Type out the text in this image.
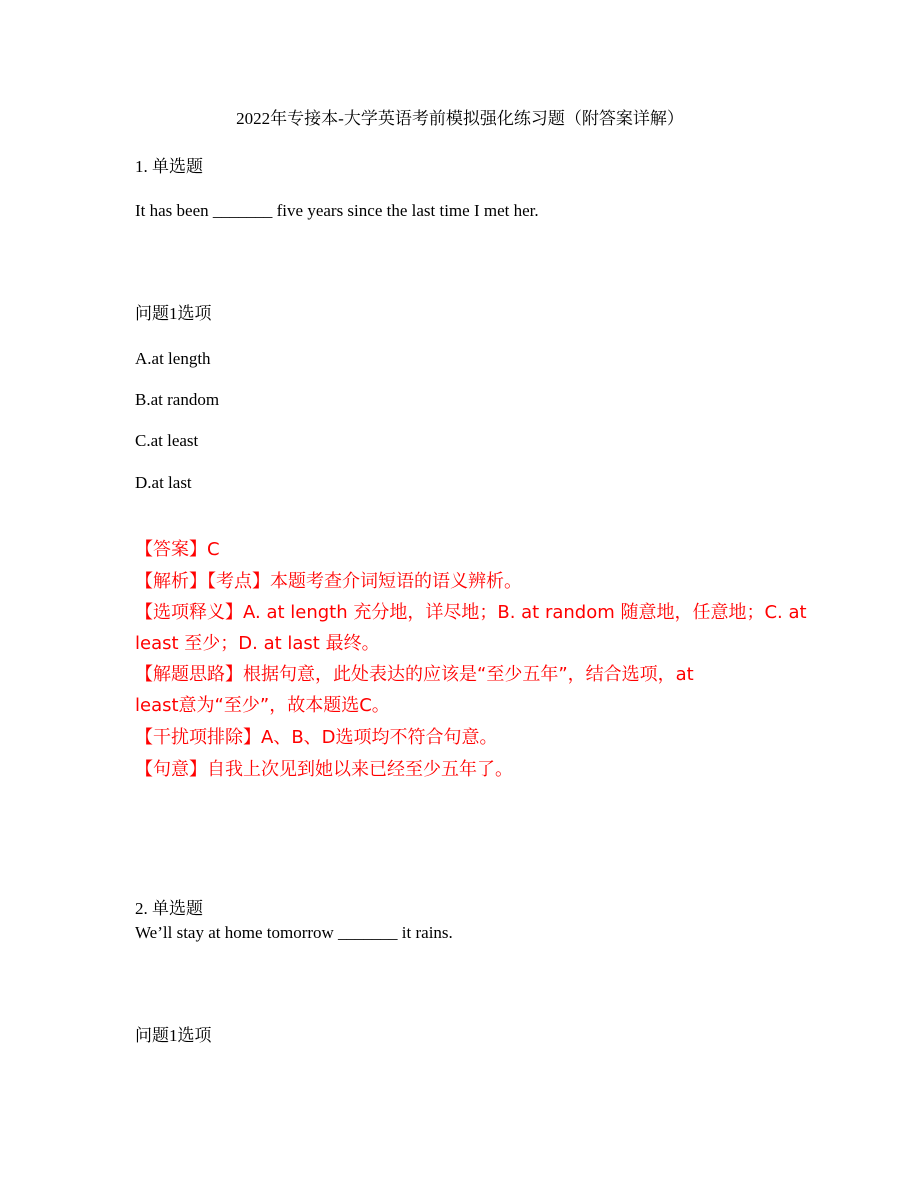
2022年专接本-大学英语考前模拟强化练习题（附答案详解）
1. 单选题
It has been _______ five years since the last time I met her.
问题1选项
A.at length
B.at random
C.at least
D.at last
【答案】C
【解析】【考点】本题考查介词短语的语义辨析。
【选项释义】A. at length 充分地，详尽地；B. at random 随意地，任意地；C. at
least 至少；D. at last 最终。
【解题思路】根据句意，此处表达的应该是“至少五年”，结合选项，at
least意为“至少”，故本题选C。
【干扰项排除】A、B、D选项均不符合句意。
【句意】自我上次见到她以来已经至少五年了。
2. 单选题
We’ll stay at home tomorrow _______ it rains.
问题1选项
